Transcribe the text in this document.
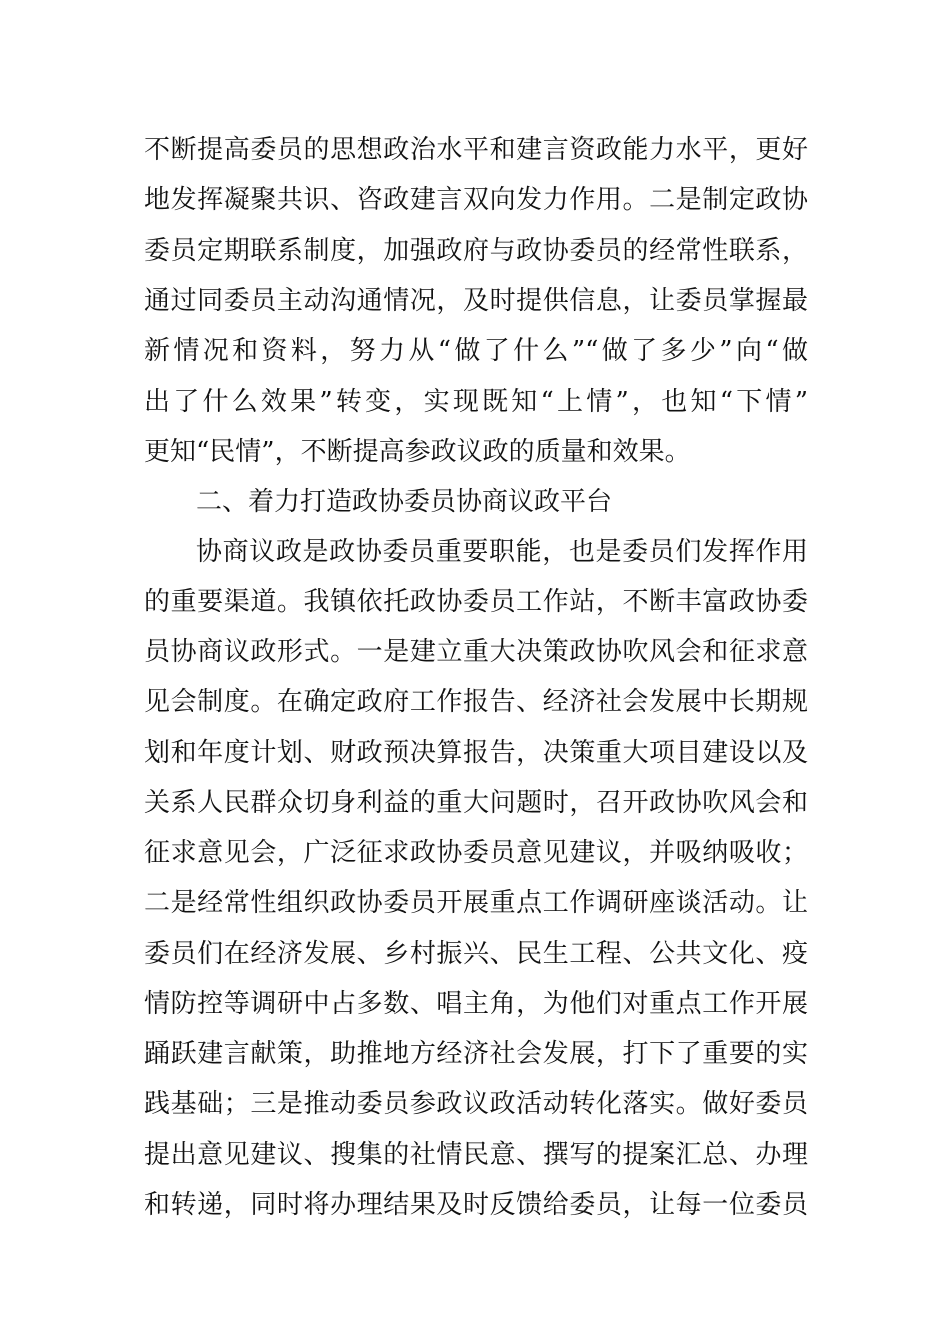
不断提高委员的思想政治水平和建言资政能力水平，更好
地发挥凝聚共识、咨政建言双向发力作用。二是制定政协
委员定期联系制度，加强政府与政协委员的经常性联系，
通过同委员主动沟通情况，及时提供信息，让委员掌握最
新情况和资料，努力从“做了什么”“做了多少”向“做
出了什么效果”转变，实现既知“上情”，也知“下情”
更知“民情”，不断提高参政议政的质量和效果。
二、着力打造政协委员协商议政平台
协商议政是政协委员重要职能，也是委员们发挥作用
的重要渠道。我镇依托政协委员工作站，不断丰富政协委
员协商议政形式。一是建立重大决策政协吹风会和征求意
见会制度。在确定政府工作报告、经济社会发展中长期规
划和年度计划、财政预决算报告，决策重大项目建设以及
关系人民群众切身利益的重大问题时，召开政协吹风会和
征求意见会，广泛征求政协委员意见建议，并吸纳吸收；
二是经常性组织政协委员开展重点工作调研座谈活动。让
委员们在经济发展、乡村振兴、民生工程、公共文化、疫
情防控等调研中占多数、唱主角，为他们对重点工作开展
踊跃建言献策，助推地方经济社会发展，打下了重要的实
践基础；三是推动委员参政议政活动转化落实。做好委员
提出意见建议、搜集的社情民意、撰写的提案汇总、办理
和转递，同时将办理结果及时反馈给委员，让每一位委员
